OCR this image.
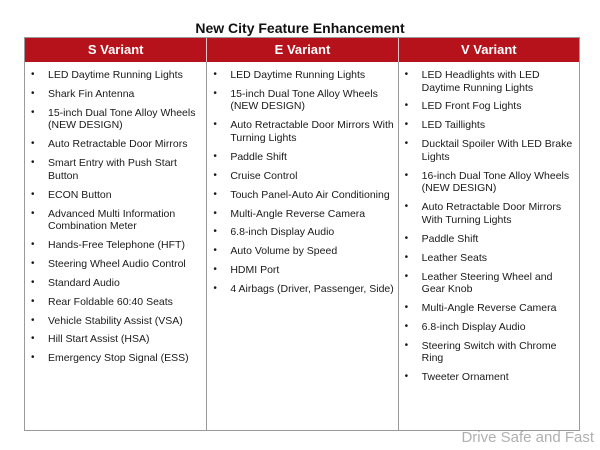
New City Feature Enhancement
S Variant	E Variant	V Variant
• LED Daytime Running Lights
• Shark Fin Antenna
• 15-inch Dual Tone Alloy Wheels (NEW DESIGN)
• Auto Retractable Door Mirrors
• Smart Entry with Push Start Button
• ECON Button
• Advanced Multi Information Combination Meter
• Hands-Free Telephone (HFT)
• Steering Wheel Audio Control
• Standard Audio
• Rear Foldable 60:40 Seats
• Vehicle Stability Assist (VSA)
• Hill Start Assist (HSA)
• Emergency Stop Signal (ESS)
• LED Daytime Running Lights
• 15-inch Dual Tone Alloy Wheels (NEW DESIGN)
• Auto Retractable Door Mirrors With Turning Lights
• Paddle Shift
• Cruise Control
• Touch Panel-Auto Air Conditioning
• Multi-Angle Reverse Camera
• 6.8-inch Display Audio
• Auto Volume by Speed
• HDMI Port
• 4 Airbags (Driver, Passenger, Side)
• LED Headlights with LED Daytime Running Lights
• LED Front Fog Lights
• LED Taillights
• Ducktail Spoiler With LED Brake Lights
• 16-inch Dual Tone Alloy Wheels (NEW DESIGN)
• Auto Retractable Door Mirrors With Turning Lights
• Paddle Shift
• Leather Seats
• Leather Steering Wheel and Gear Knob
• Multi-Angle Reverse Camera
• 6.8-inch Display Audio
• Steering Switch with Chrome Ring
• Tweeter Ornament
Drive Safe and Fast
